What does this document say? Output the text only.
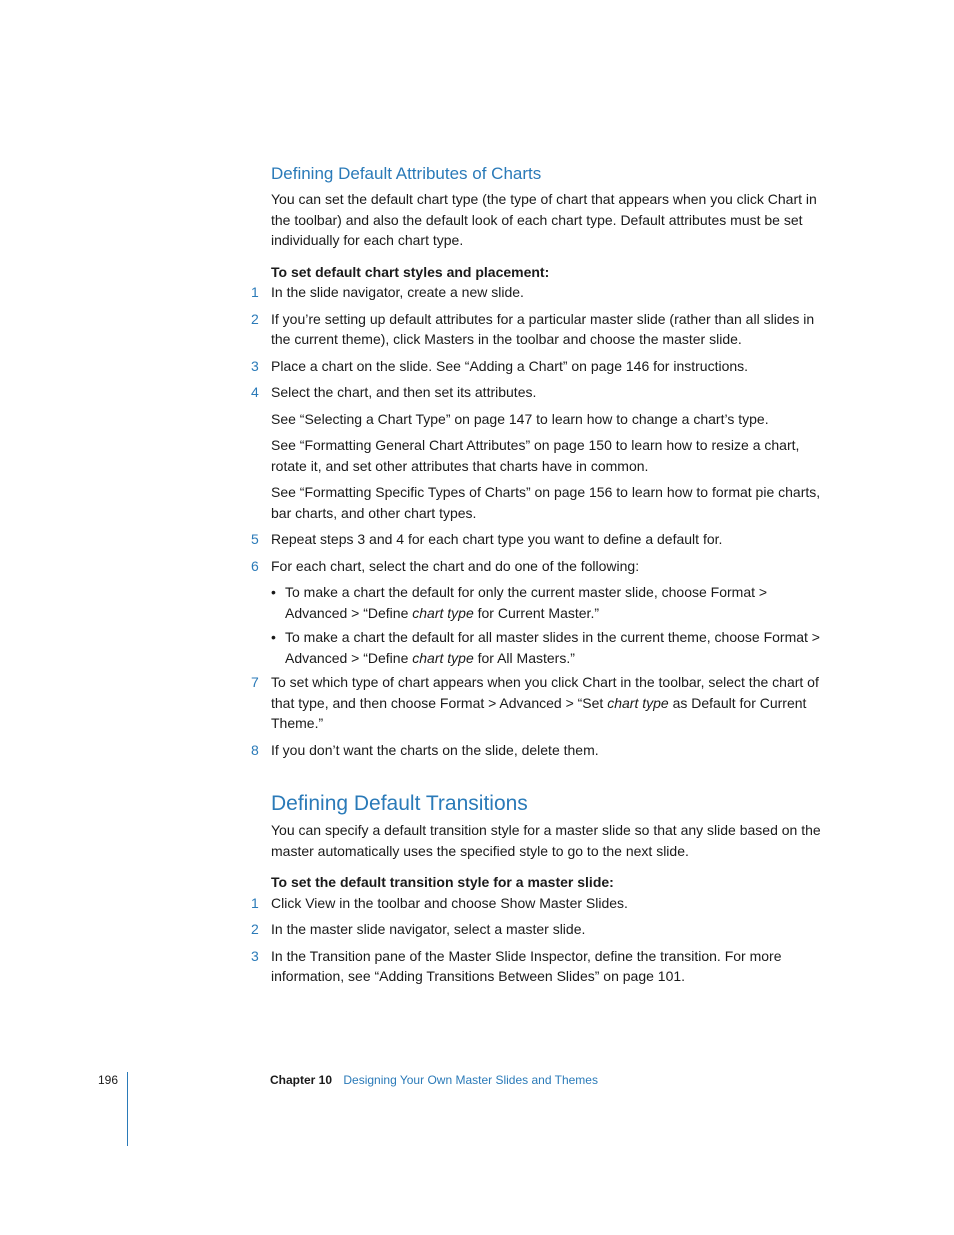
Defining Default Attributes of Charts

You can set the default chart type (the type of chart that appears when you click Chart in the toolbar) and also the default look of each chart type. Default attributes must be set individually for each chart type.

To set default chart styles and placement:

1 In the slide navigator, create a new slide.
2 If you’re setting up default attributes for a particular master slide (rather than all slides in the current theme), click Masters in the toolbar and choose the master slide.
3 Place a chart on the slide. See “Adding a Chart” on page 146 for instructions.
4 Select the chart, and then set its attributes.

See “Selecting a Chart Type” on page 147 to learn how to change a chart’s type.

See “Formatting General Chart Attributes” on page 150 to learn how to resize a chart, rotate it, and set other attributes that charts have in common.

See “Formatting Specific Types of Charts” on page 156 to learn how to format pie charts, bar charts, and other chart types.

5 Repeat steps 3 and 4 for each chart type you want to define a default for.
6 For each chart, select the chart and do one of the following:
• To make a chart the default for only the current master slide, choose Format > Advanced > “Define chart type for Current Master.”
• To make a chart the default for all master slides in the current theme, choose Format > Advanced > “Define chart type for All Masters.”
7 To set which type of chart appears when you click Chart in the toolbar, select the chart of that type, and then choose Format > Advanced > “Set chart type as Default for Current Theme.”
8 If you don’t want the charts on the slide, delete them.
Defining Default Transitions

You can specify a default transition style for a master slide so that any slide based on the master automatically uses the specified style to go to the next slide.

To set the default transition style for a master slide:

1 Click View in the toolbar and choose Show Master Slides.
2 In the master slide navigator, select a master slide.
3 In the Transition pane of the Master Slide Inspector, define the transition. For more information, see “Adding Transitions Between Slides” on page 101.
196	Chapter 10 Designing Your Own Master Slides and Themes
